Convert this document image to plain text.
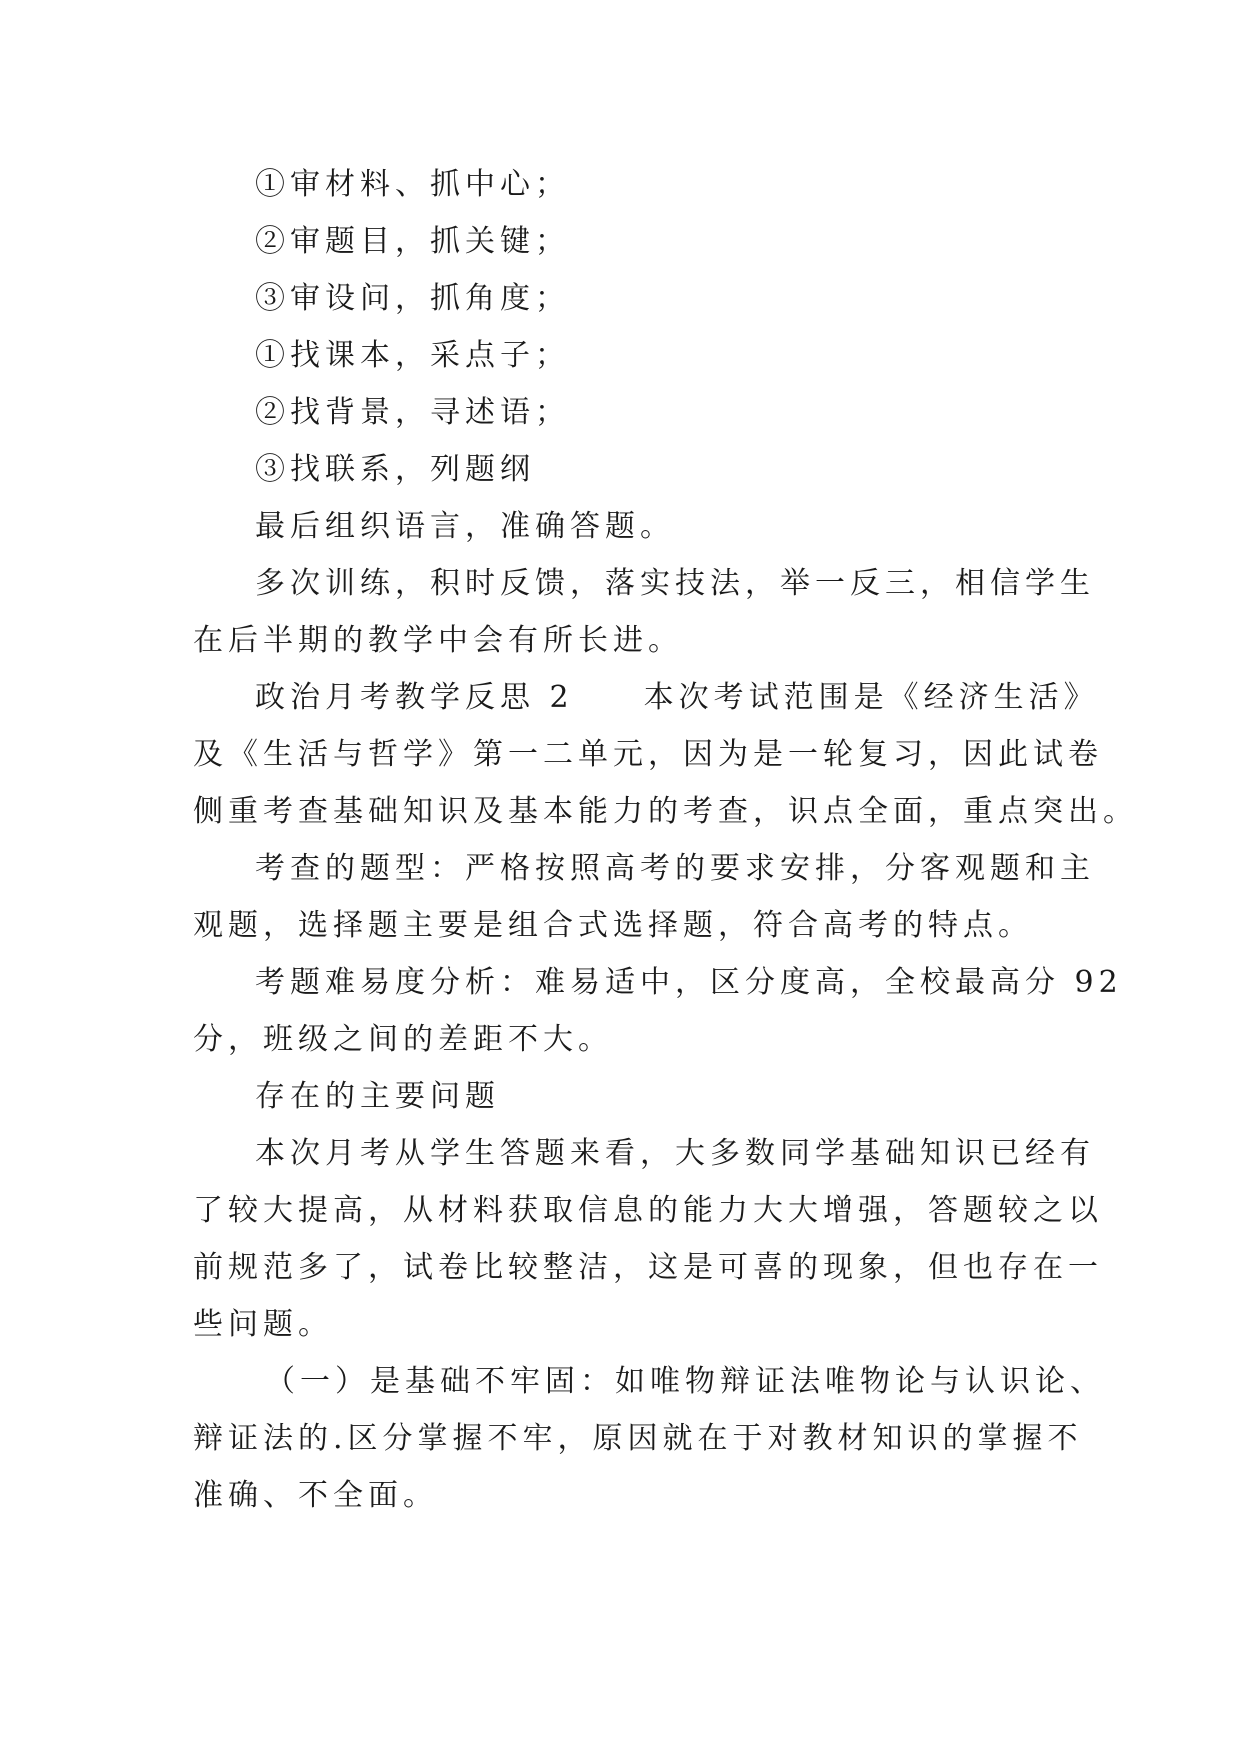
①审材料、抓中心；
②审题目，抓关键；
③审设问，抓角度；
①找课本，采点子；
②找背景，寻述语；
③找联系，列题纲
最后组织语言，准确答题。
多次训练，积时反馈，落实技法，举一反三，相信学生
在后半期的教学中会有所长进。
政治月考教学反思 2 本次考试范围是《经济生活》
及《生活与哲学》第一二单元，因为是一轮复习，因此试卷
侧重考查基础知识及基本能力的考查，识点全面，重点突出。
考查的题型：严格按照高考的要求安排，分客观题和主
观题，选择题主要是组合式选择题，符合高考的特点。
考题难易度分析：难易适中，区分度高，全校最高分 92
分，班级之间的差距不大。
存在的主要问题
本次月考从学生答题来看，大多数同学基础知识已经有
了较大提高，从材料获取信息的能力大大增强，答题较之以
前规范多了，试卷比较整洁，这是可喜的现象，但也存在一
些问题。
（一）是基础不牢固：如唯物辩证法唯物论与认识论、
辩证法的.区分掌握不牢，原因就在于对教材知识的掌握不
准确、不全面。
